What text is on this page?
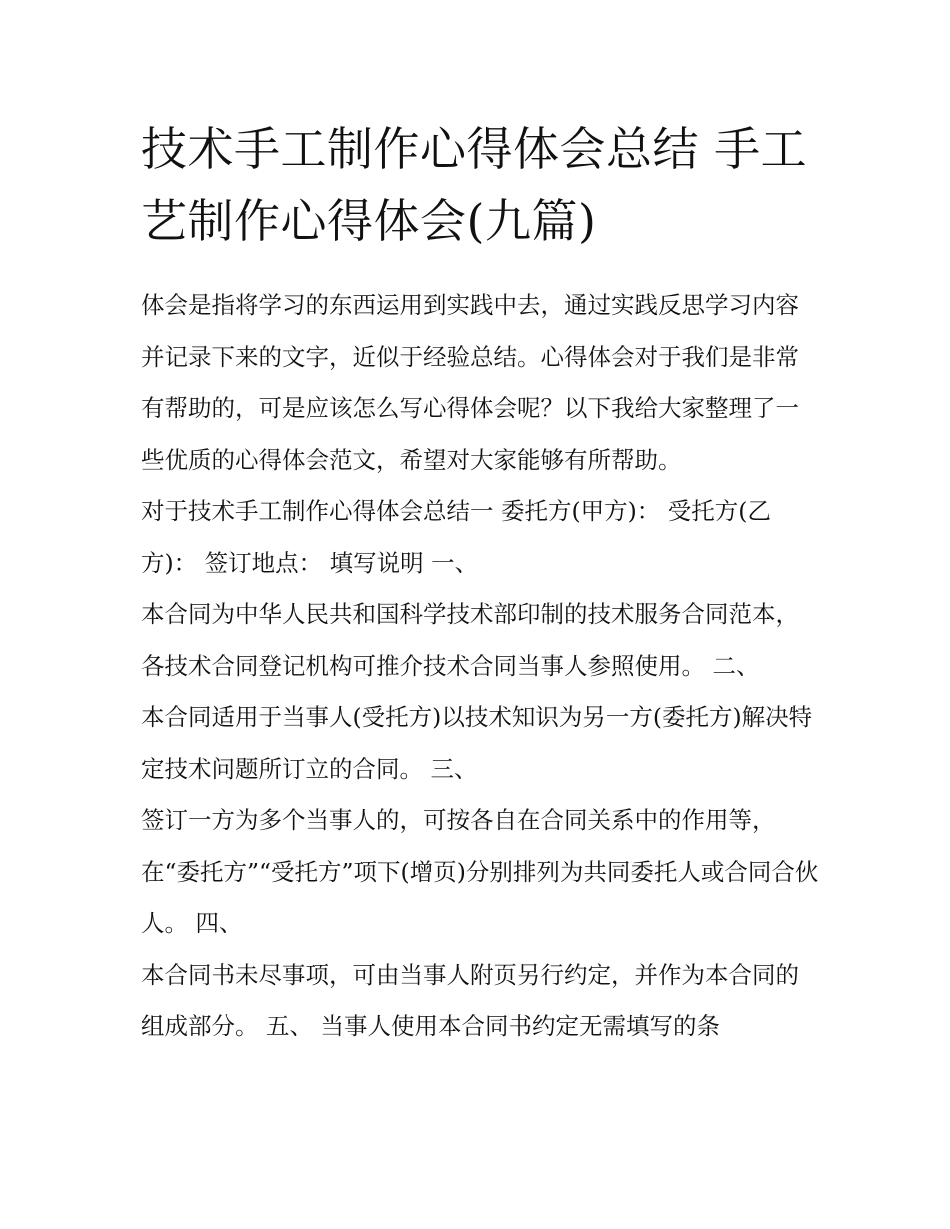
技术手工制作心得体会总结 手工艺制作心得体会(九篇)

体会是指将学习的东西运用到实践中去，通过实践反思学习内容并记录下来的文字，近似于经验总结。心得体会对于我们是非常有帮助的，可是应该怎么写心得体会呢？以下我给大家整理了一些优质的心得体会范文，希望对大家能够有所帮助。

对于技术手工制作心得体会总结一 委托方(甲方)： 受托方(乙方)： 签订地点： 填写说明 一、

本合同为中华人民共和国科学技术部印制的技术服务合同范本，各技术合同登记机构可推介技术合同当事人参照使用。 二、

本合同适用于当事人(受托方)以技术知识为另一方(委托方)解决特定技术问题所订立的合同。 三、

签订一方为多个当事人的，可按各自在合同关系中的作用等，在“委托方”“受托方”项下(增页)分别排列为共同委托人或合同合伙人。 四、

本合同书未尽事项，可由当事人附页另行约定，并作为本合同的组成部分。 五、 当事人使用本合同书约定无需填写的条
